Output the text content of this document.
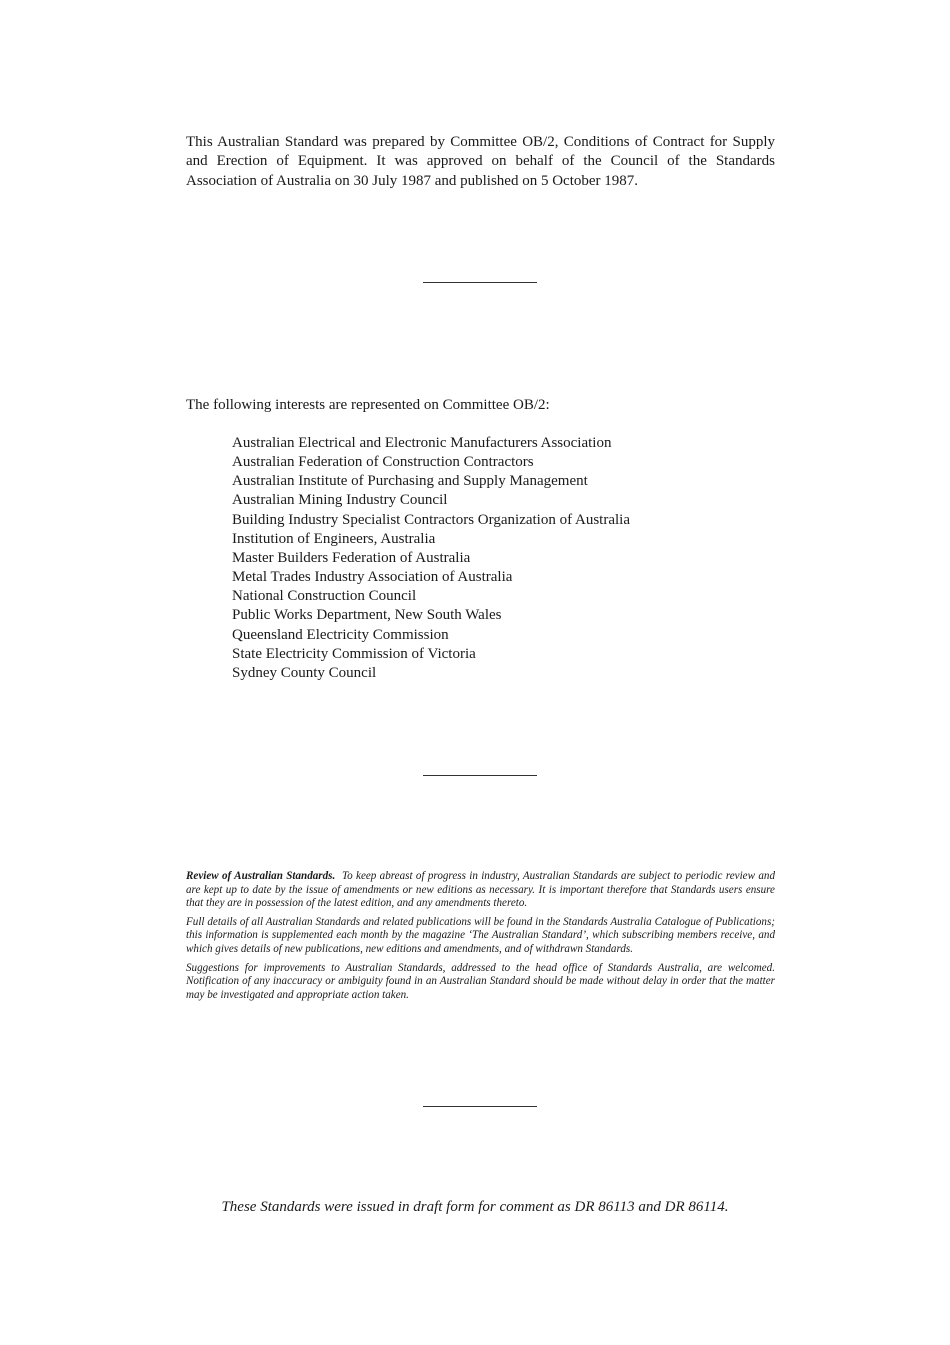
This Australian Standard was prepared by Committee OB/2, Conditions of Contract for Supply and Erection of Equipment. It was approved on behalf of the Council of the Standards Association of Australia on 30 July 1987 and published on 5 October 1987.

The following interests are represented on Committee OB/2:

Australian Electrical and Electronic Manufacturers Association
Australian Federation of Construction Contractors
Australian Institute of Purchasing and Supply Management
Australian Mining Industry Council
Building Industry Specialist Contractors Organization of Australia
Institution of Engineers, Australia
Master Builders Federation of Australia
Metal Trades Industry Association of Australia
National Construction Council
Public Works Department, New South Wales
Queensland Electricity Commission
State Electricity Commission of Victoria
Sydney County Council

Review of Australian Standards. To keep abreast of progress in industry, Australian Standards are subject to periodic review and are kept up to date by the issue of amendments or new editions as necessary. It is important therefore that Standards users ensure that they are in possession of the latest edition, and any amendments thereto.

Full details of all Australian Standards and related publications will be found in the Standards Australia Catalogue of Publications; this information is supplemented each month by the magazine ‘The Australian Standard’, which subscribing members receive, and which gives details of new publications, new editions and amendments, and of withdrawn Standards.

Suggestions for improvements to Australian Standards, addressed to the head office of Standards Australia, are welcomed. Notification of any inaccuracy or ambiguity found in an Australian Standard should be made without delay in order that the matter may be investigated and appropriate action taken.

These Standards were issued in draft form for comment as DR 86113 and DR 86114.
